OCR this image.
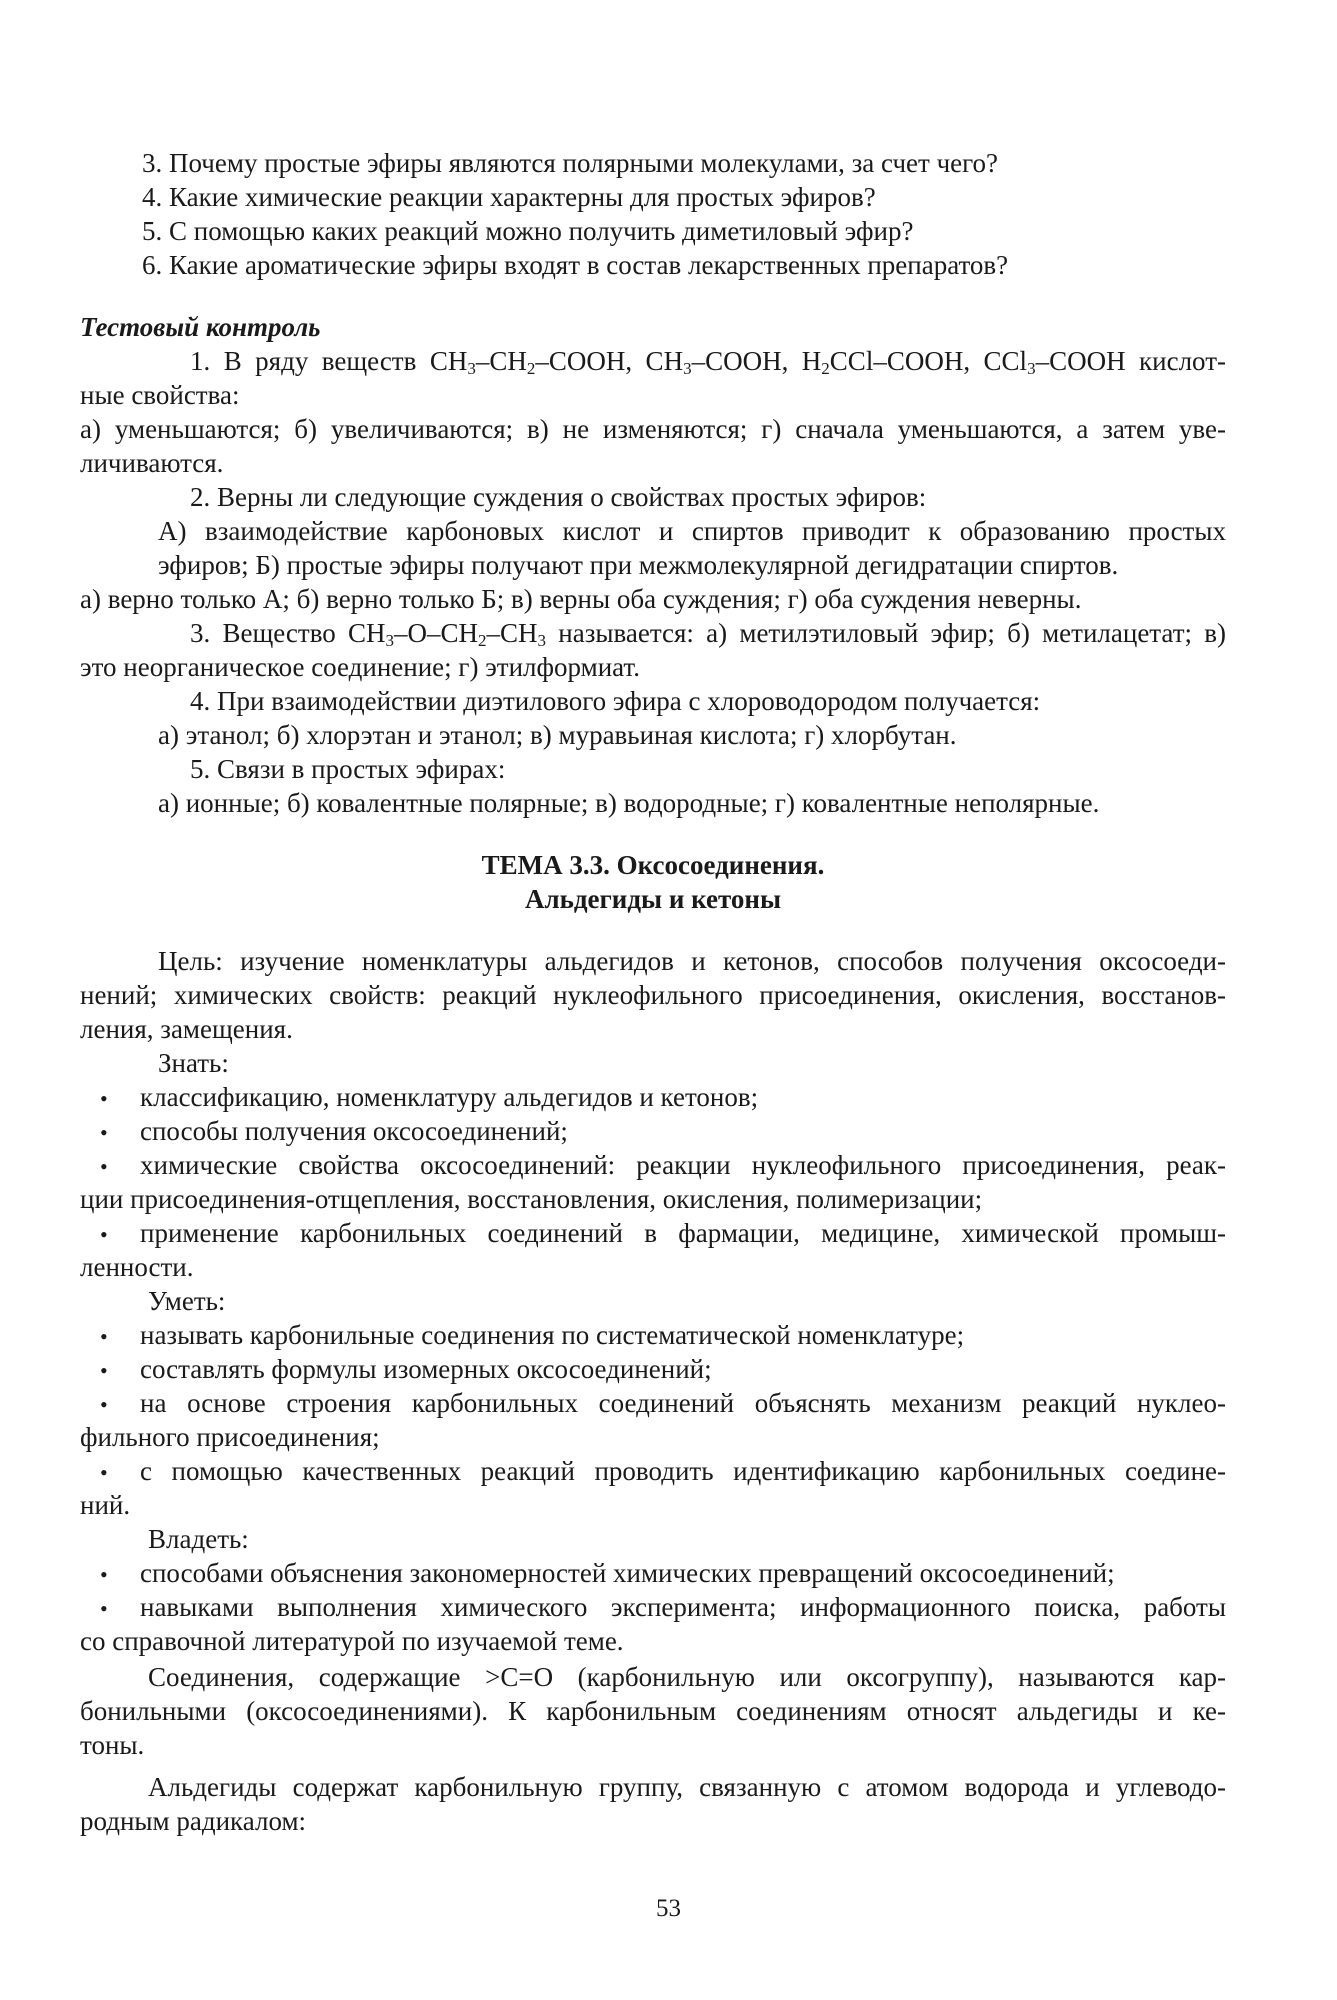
3. Почему простые эфиры являются полярными молекулами, за счет чего?
4. Какие химические реакции характерны для простых эфиров?
5. С помощью каких реакций можно получить диметиловый эфир?
6. Какие ароматические эфиры входят в состав лекарственных препаратов?
Тестовый контроль
1. В ряду веществ $CH_3-CH_2$–COOH, $CH_3$–COOH, $H_2CCl$–COOH, CCl$_3$–COOH кислот-
ные свойства:
а) уменьшаются; б) увеличиваются; в) не изменяются; г) сначала уменьшаются, а затем уве-
личиваются.
2. Верны ли следующие суждения о свойствах простых эфиров:
А) взаимодействие карбоновых кислот и спиртов приводит к образованию простых
эфиров; Б) простые эфиры получают при межмолекулярной дегидратации спиртов.
а) верно только А; б) верно только Б; в) верны оба суждения; г) оба суждения неверны.
3. Вещество $CH_3-O-CH_2-CH_3$ называется: а) метилэтиловый эфир; б) метилацетат; в)
это неорганическое соединение; г) этилформиат.
4. При взаимодействии диэтилового эфира с хлороводородом получается:
а) этанол; б) хлорэтан и этанол; в) муравьиная кислота; г) хлорбутан.
5. Связи в простых эфирах:
а) ионные; б) ковалентные полярные; в) водородные; г) ковалентные неполярные.
ТЕМА 3.3. Оксосоединения.
Альдегиды и кетоны
Цель: изучение номенклатуры альдегидов и кетонов, способов получения оксосоеди-
нений; химических свойств: реакций нуклеофильного присоединения, окисления, восстанов-
ления, замещения.
Знать:
• классификацию, номенклатуру альдегидов и кетонов;
• способы получения оксосоединений;
• химические свойства оксосоединений: реакции нуклеофильного присоединения, реак-
ции присоединения-отщепления, восстановления, окисления, полимеризации;
• применение карбонильных соединений в фармации, медицине, химической промыш-
ленности.
Уметь:
• называть карбонильные соединения по систематической номенклатуре;
• составлять формулы изомерных оксосоединений;
• на основе строения карбонильных соединений объяснять механизм реакций нуклео-
фильного присоединения;
• с помощью качественных реакций проводить идентификацию карбонильных соедине-
ний.
Владеть:
• способами объяснения закономерностей химических превращений оксосоединений;
• навыками выполнения химического эксперимента; информационного поиска, работы
со справочной литературой по изучаемой теме.
Соединения, содержащие >C=O (карбонильную или оксогруппу), называются кар-
бонильными (оксосоединениями). К карбонильным соединениям относят альдегиды и ке-
тоны.
Альдегиды содержат карбонильную группу, связанную с атомом водорода и углеводо-
родным радикалом:
53
